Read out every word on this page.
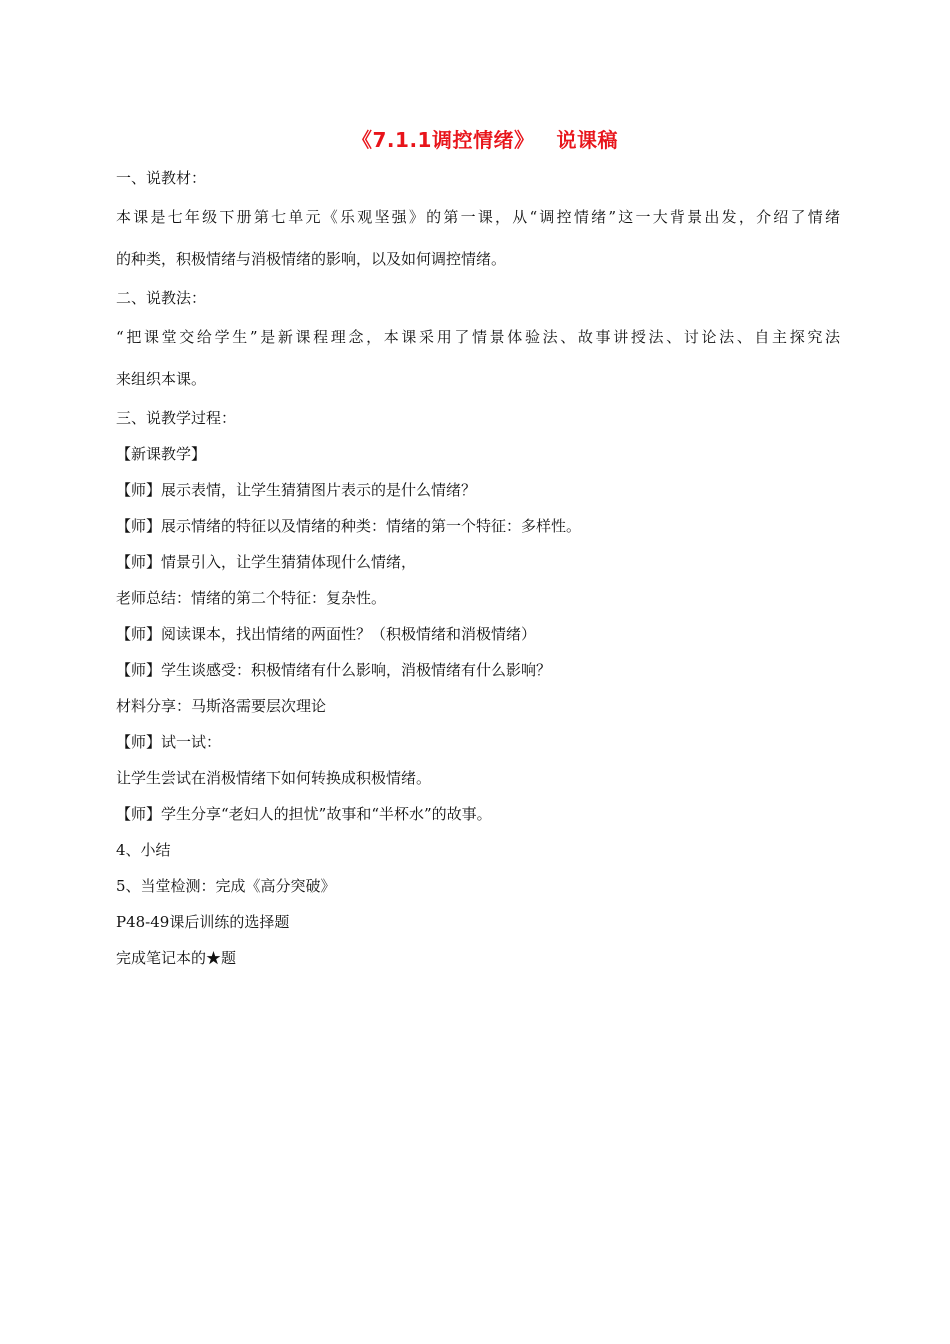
《7.1.1调控情绪》 说课稿
一、说教材：
本课是七年级下册第七单元《乐观坚强》的第一课，从“调控情绪”这一大背景出发，介绍了情绪
的种类，积极情绪与消极情绪的影响，以及如何调控情绪。
二、说教法：
“把课堂交给学生”是新课程理念，本课采用了情景体验法、故事讲授法、讨论法、自主探究法
来组织本课。
三、说教学过程：
【新课教学】
【师】展示表情，让学生猜猜图片表示的是什么情绪？
【师】展示情绪的特征以及情绪的种类：情绪的第一个特征：多样性。
【师】情景引入，让学生猜猜体现什么情绪，
老师总结：情绪的第二个特征：复杂性。
【师】阅读课本，找出情绪的两面性？（积极情绪和消极情绪）
【师】学生谈感受：积极情绪有什么影响，消极情绪有什么影响？
材料分享：马斯洛需要层次理论
【师】试一试：
让学生尝试在消极情绪下如何转换成积极情绪。
【师】学生分享“老妇人的担忧”故事和“半杯水”的故事。
4、小结
5、当堂检测：完成《高分突破》
P48-49课后训练的选择题
完成笔记本的★题
